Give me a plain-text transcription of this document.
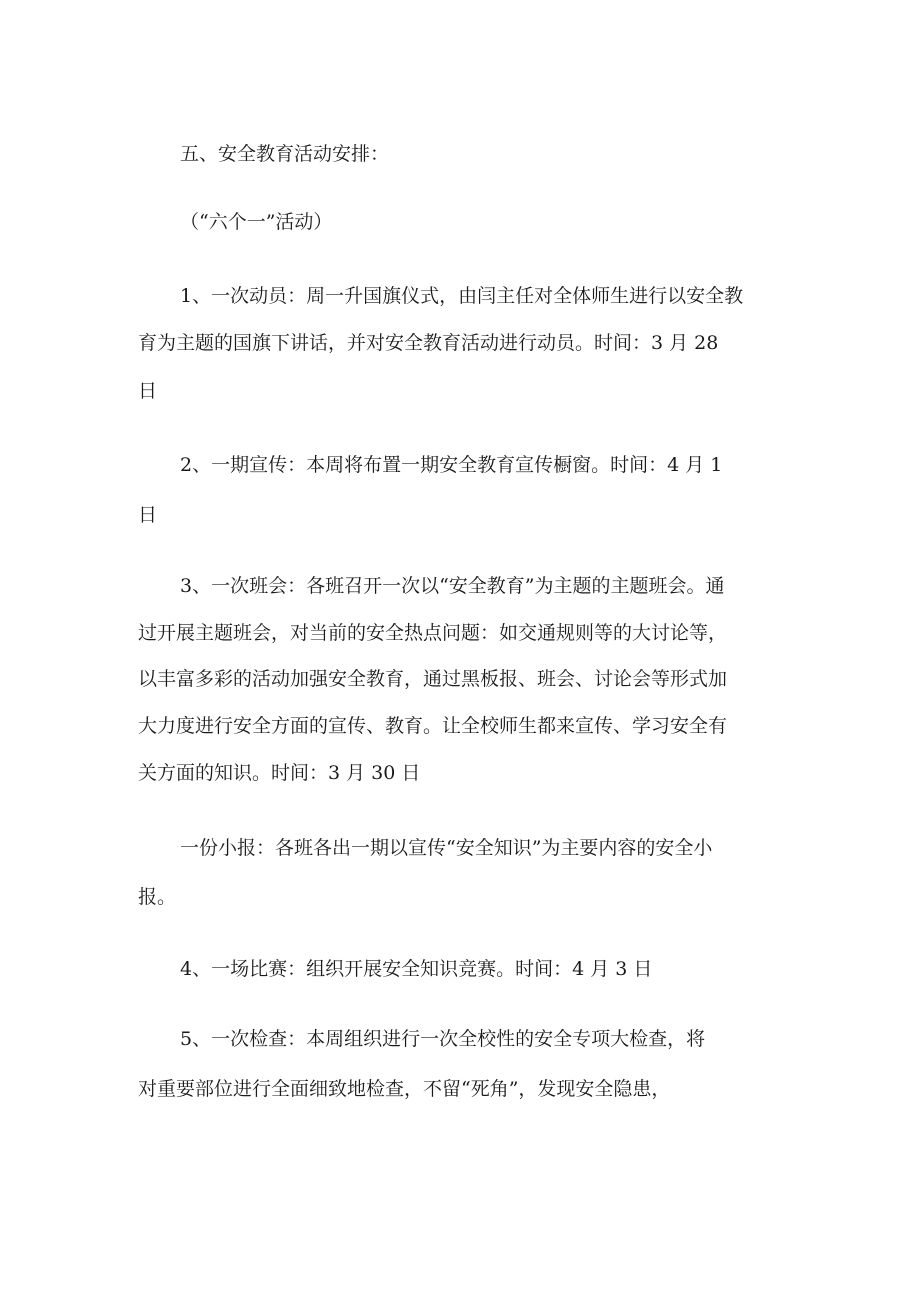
五、安全教育活动安排：
（“六个一”活动）
1、一次动员：周一升国旗仪式，由闫主任对全体师生进行以安全教
育为主题的国旗下讲话，并对安全教育活动进行动员。时间：3 月 28
日
2、一期宣传：本周将布置一期安全教育宣传橱窗。时间：4 月 1
日
3、一次班会：各班召开一次以“安全教育”为主题的主题班会。通
过开展主题班会，对当前的安全热点问题：如交通规则等的大讨论等，
以丰富多彩的活动加强安全教育，通过黑板报、班会、讨论会等形式加
大力度进行安全方面的宣传、教育。让全校师生都来宣传、学习安全有
关方面的知识。时间：3 月 30 日
一份小报：各班各出一期以宣传“安全知识”为主要内容的安全小
报。
4、一场比赛：组织开展安全知识竞赛。时间：4 月 3 日
5、一次检查：本周组织进行一次全校性的安全专项大检查，将
对重要部位进行全面细致地检查，不留“死角”，发现安全隐患，
